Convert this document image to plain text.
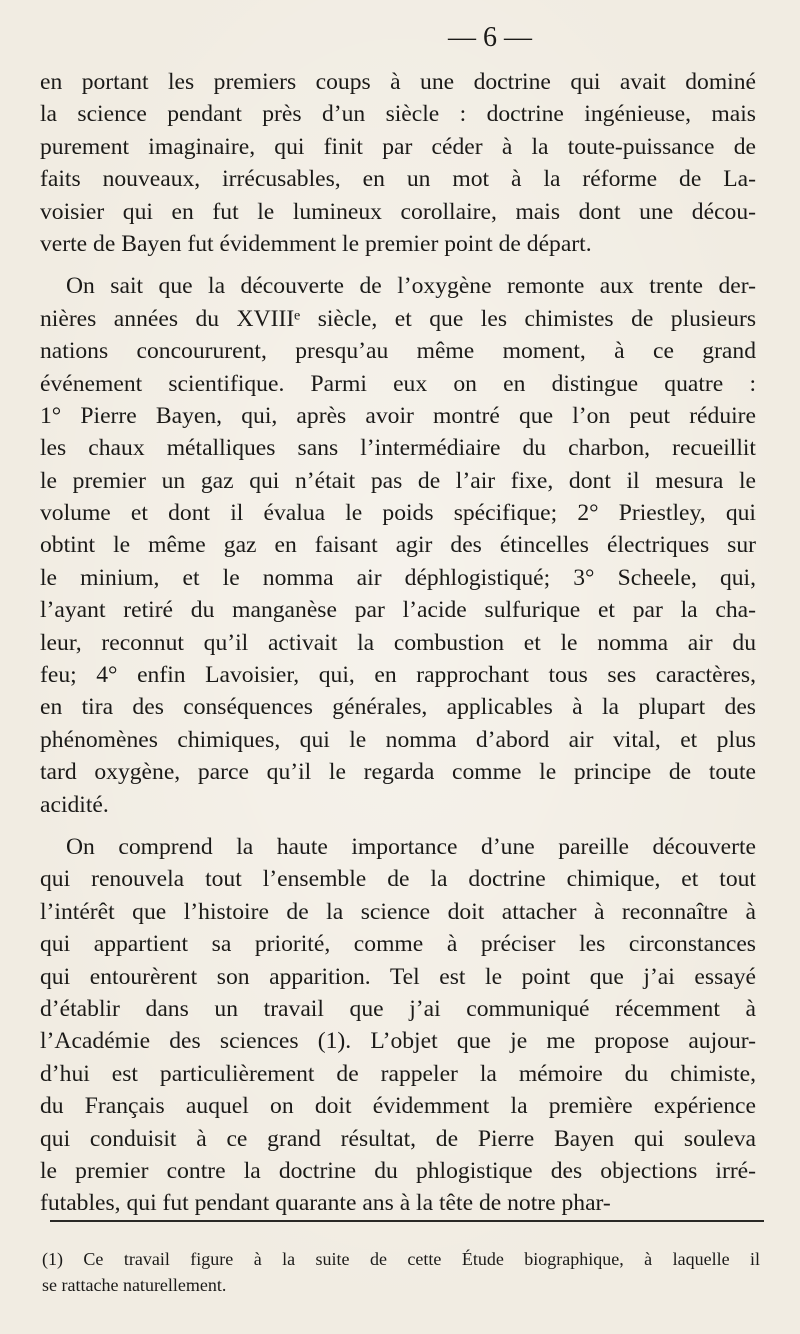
— 6 —
en portant les premiers coups à une doctrine qui avait dominé
la science pendant près d’un siècle : doctrine ingénieuse, mais
purement imaginaire, qui finit par céder à la toute-puissance de
faits nouveaux, irrécusables, en un mot à la réforme de La-
voisier qui en fut le lumineux corollaire, mais dont une décou-
verte de Bayen fut évidemment le premier point de départ.
On sait que la découverte de l’oxygène remonte aux trente der-
nières années du XVIIIᵉ siècle, et que les chimistes de plusieurs
nations concoururent, presqu’au même moment, à ce grand
événement scientifique. Parmi eux on en distingue quatre :
1° Pierre Bayen, qui, après avoir montré que l’on peut réduire
les chaux métalliques sans l’intermédiaire du charbon, recueillit
le premier un gaz qui n’était pas de l’air fixe, dont il mesura le
volume et dont il évalua le poids spécifique; 2° Priestley, qui
obtint le même gaz en faisant agir des étincelles électriques sur
le minium, et le nomma air déphlogistiqué; 3° Scheele, qui,
l’ayant retiré du manganèse par l’acide sulfurique et par la cha-
leur, reconnut qu’il activait la combustion et le nomma air du
feu; 4° enfin Lavoisier, qui, en rapprochant tous ses caractères,
en tira des conséquences générales, applicables à la plupart des
phénomènes chimiques, qui le nomma d’abord air vital, et plus
tard oxygène, parce qu’il le regarda comme le principe de toute
acidité.
On comprend la haute importance d’une pareille découverte
qui renouvela tout l’ensemble de la doctrine chimique, et tout
l’intérêt que l’histoire de la science doit attacher à reconnaître à
qui appartient sa priorité, comme à préciser les circonstances
qui entourèrent son apparition. Tel est le point que j’ai essayé
d’établir dans un travail que j’ai communiqué récemment à
l’Académie des sciences (1). L’objet que je me propose aujour-
d’hui est particulièrement de rappeler la mémoire du chimiste,
du Français auquel on doit évidemment la première expérience
qui conduisit à ce grand résultat, de Pierre Bayen qui souleva
le premier contre la doctrine du phlogistique des objections irré-
futables, qui fut pendant quarante ans à la tête de notre phar-
(1) Ce travail figure à la suite de cette Étude biographique, à laquelle il
se rattache naturellement.
